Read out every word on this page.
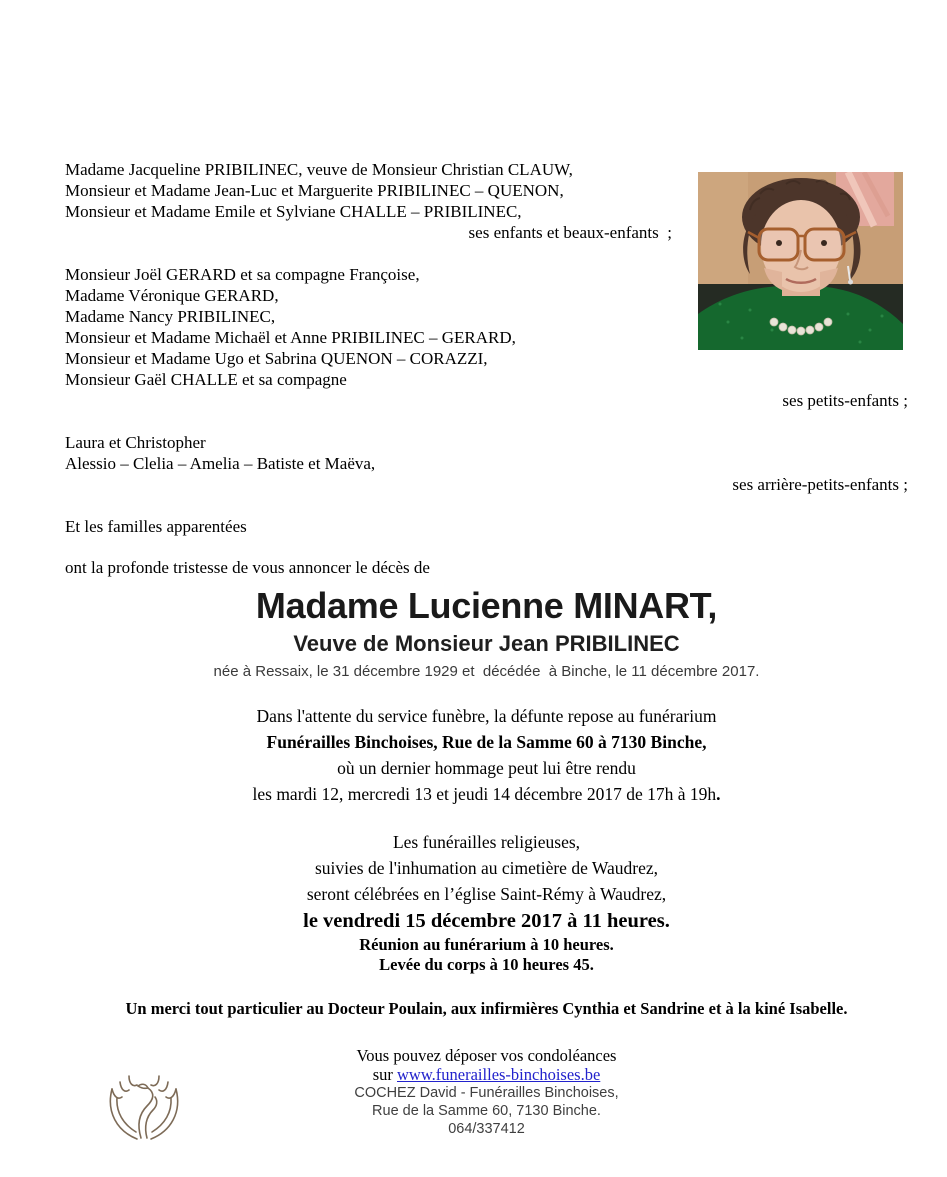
Madame Jacqueline PRIBILINEC, veuve de Monsieur Christian CLAUW,
Monsieur et Madame Jean-Luc et Marguerite PRIBILINEC – QUENON,
Monsieur et Madame Emile et Sylviane CHALLE – PRIBILINEC,
ses enfants et beaux-enfants  ;
Monsieur Joël GERARD et sa compagne Françoise,
Madame Véronique GERARD,
Madame Nancy PRIBILINEC,
Monsieur et Madame Michaël et Anne PRIBILINEC – GERARD,
Monsieur et Madame Ugo et Sabrina QUENON – CORAZZI,
Monsieur Gaël CHALLE et sa compagne
ses petits-enfants ;
Laura et Christopher
Alessio – Clelia – Amelia – Batiste et Maëva,
ses arrière-petits-enfants ;
Et les familles apparentées
ont la profonde tristesse de vous annoncer le décès de
Madame Lucienne MINART,
Veuve de Monsieur Jean PRIBILINEC
née à Ressaix, le 31 décembre 1929 et  décédée  à Binche, le 11 décembre 2017.
Dans l'attente du service funèbre, la défunte repose au funérarium
Funérailles Binchoises, Rue de la Samme 60 à 7130 Binche,
où un dernier hommage peut lui être rendu
les mardi 12, mercredi 13 et jeudi 14 décembre 2017 de 17h à 19h.
Les funérailles religieuses,
suivies de l'inhumation au cimetière de Waudrez,
seront célébrées en l’église Saint-Rémy à Waudrez,
le vendredi 15 décembre 2017 à 11 heures.
Réunion au funérarium à 10 heures.
Levée du corps à 10 heures 45.
Un merci tout particulier au Docteur Poulain, aux infirmières Cynthia et Sandrine et à la kiné Isabelle.
Vous pouvez déposer vos condoléances
sur www.funerailles-binchoises.be
COCHEZ David - Funérailles Binchoises,
Rue de la Samme 60, 7130 Binche.
064/337412
